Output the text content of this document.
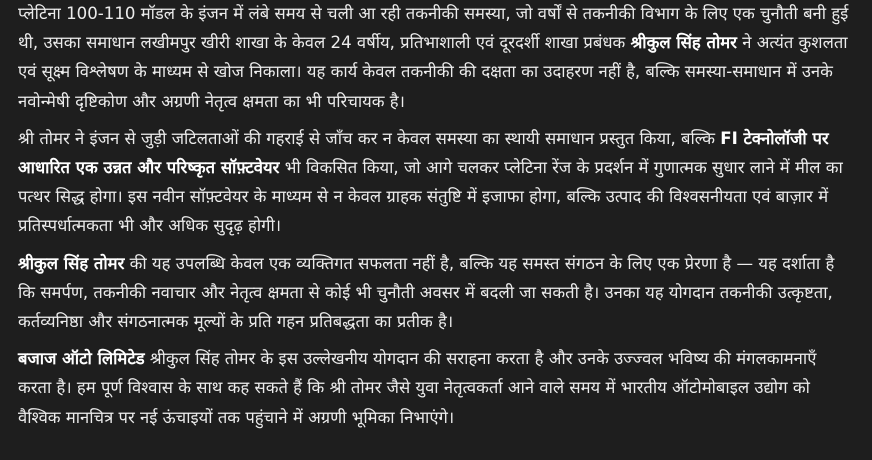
प्लेटिना 100-110 मॉडल के इंजन में लंबे समय से चली आ रही तकनीकी समस्या, जो वर्षों से तकनीकी विभाग के लिए एक चुनौती बनी हुई थी, उसका समाधान लखीमपुर खीरी शाखा के केवल 24 वर्षीय, प्रतिभाशाली एवं दूरदर्शी शाखा प्रबंधक श्रीकुल सिंह तोमर ने अत्यंत कुशलता एवं सूक्ष्म विश्लेषण के माध्यम से खोज निकाला। यह कार्य केवल तकनीकी की दक्षता का उदाहरण नहीं है, बल्कि समस्या-समाधान में उनके नवोन्मेषी दृष्टिकोण और अग्रणी नेतृत्व क्षमता का भी परिचायक है।

श्री तोमर ने इंजन से जुड़ी जटिलताओं की गहराई से जाँच कर न केवल समस्या का स्थायी समाधान प्रस्तुत किया, बल्कि FI टेक्नोलॉजी पर आधारित एक उन्नत और परिष्कृत सॉफ़्टवेयर भी विकसित किया, जो आगे चलकर प्लेटिना रेंज के प्रदर्शन में गुणात्मक सुधार लाने में मील का पत्थर सिद्ध होगा। इस नवीन सॉफ़्टवेयर के माध्यम से न केवल ग्राहक संतुष्टि में इजाफा होगा, बल्कि उत्पाद की विश्वसनीयता एवं बाज़ार में प्रतिस्पर्धात्मकता भी और अधिक सुदृढ़ होगी।

श्रीकुल सिंह तोमर की यह उपलब्धि केवल एक व्यक्तिगत सफलता नहीं है, बल्कि यह समस्त संगठन के लिए एक प्रेरणा है — यह दर्शाता है कि समर्पण, तकनीकी नवाचार और नेतृत्व क्षमता से कोई भी चुनौती अवसर में बदली जा सकती है। उनका यह योगदान तकनीकी उत्कृष्टता, कर्तव्यनिष्ठा और संगठनात्मक मूल्यों के प्रति गहन प्रतिबद्धता का प्रतीक है।

बजाज ऑटो लिमिटेड श्रीकुल सिंह तोमर के इस उल्लेखनीय योगदान की सराहना करता है और उनके उज्ज्वल भविष्य की मंगलकामनाएँ करता है। हम पूर्ण विश्वास के साथ कह सकते हैं कि श्री तोमर जैसे युवा नेतृत्वकर्ता आने वाले समय में भारतीय ऑटोमोबाइल उद्योग को वैश्विक मानचित्र पर नई ऊंचाइयों तक पहुंचाने में अग्रणी भूमिका निभाएंगे।
